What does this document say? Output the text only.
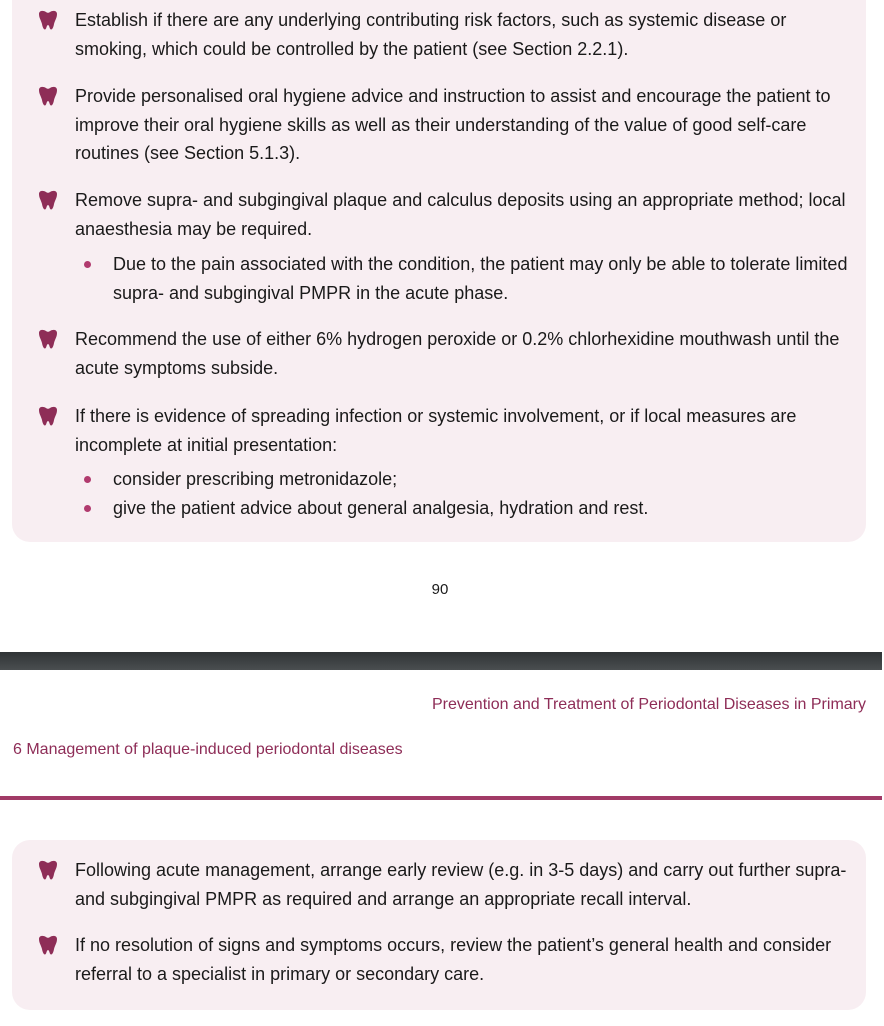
Establish if there are any underlying contributing risk factors, such as systemic disease or smoking, which could be controlled by the patient (see Section 2.2.1).
Provide personalised oral hygiene advice and instruction to assist and encourage the patient to improve their oral hygiene skills as well as their understanding of the value of good self-care routines (see Section 5.1.3).
Remove supra- and subgingival plaque and calculus deposits using an appropriate method; local anaesthesia may be required.
Due to the pain associated with the condition, the patient may only be able to tolerate limited supra- and subgingival PMPR in the acute phase.
Recommend the use of either 6% hydrogen peroxide or 0.2% chlorhexidine mouthwash until the acute symptoms subside.
If there is evidence of spreading infection or systemic involvement, or if local measures are incomplete at initial presentation:
consider prescribing metronidazole;
give the patient advice about general analgesia, hydration and rest.
90
Prevention and Treatment of Periodontal Diseases in Primary
6 Management of plaque-induced periodontal diseases
Following acute management, arrange early review (e.g. in 3-5 days) and carry out further supra- and subgingival PMPR as required and arrange an appropriate recall interval.
If no resolution of signs and symptoms occurs, review the patient’s general health and consider referral to a specialist in primary or secondary care.
